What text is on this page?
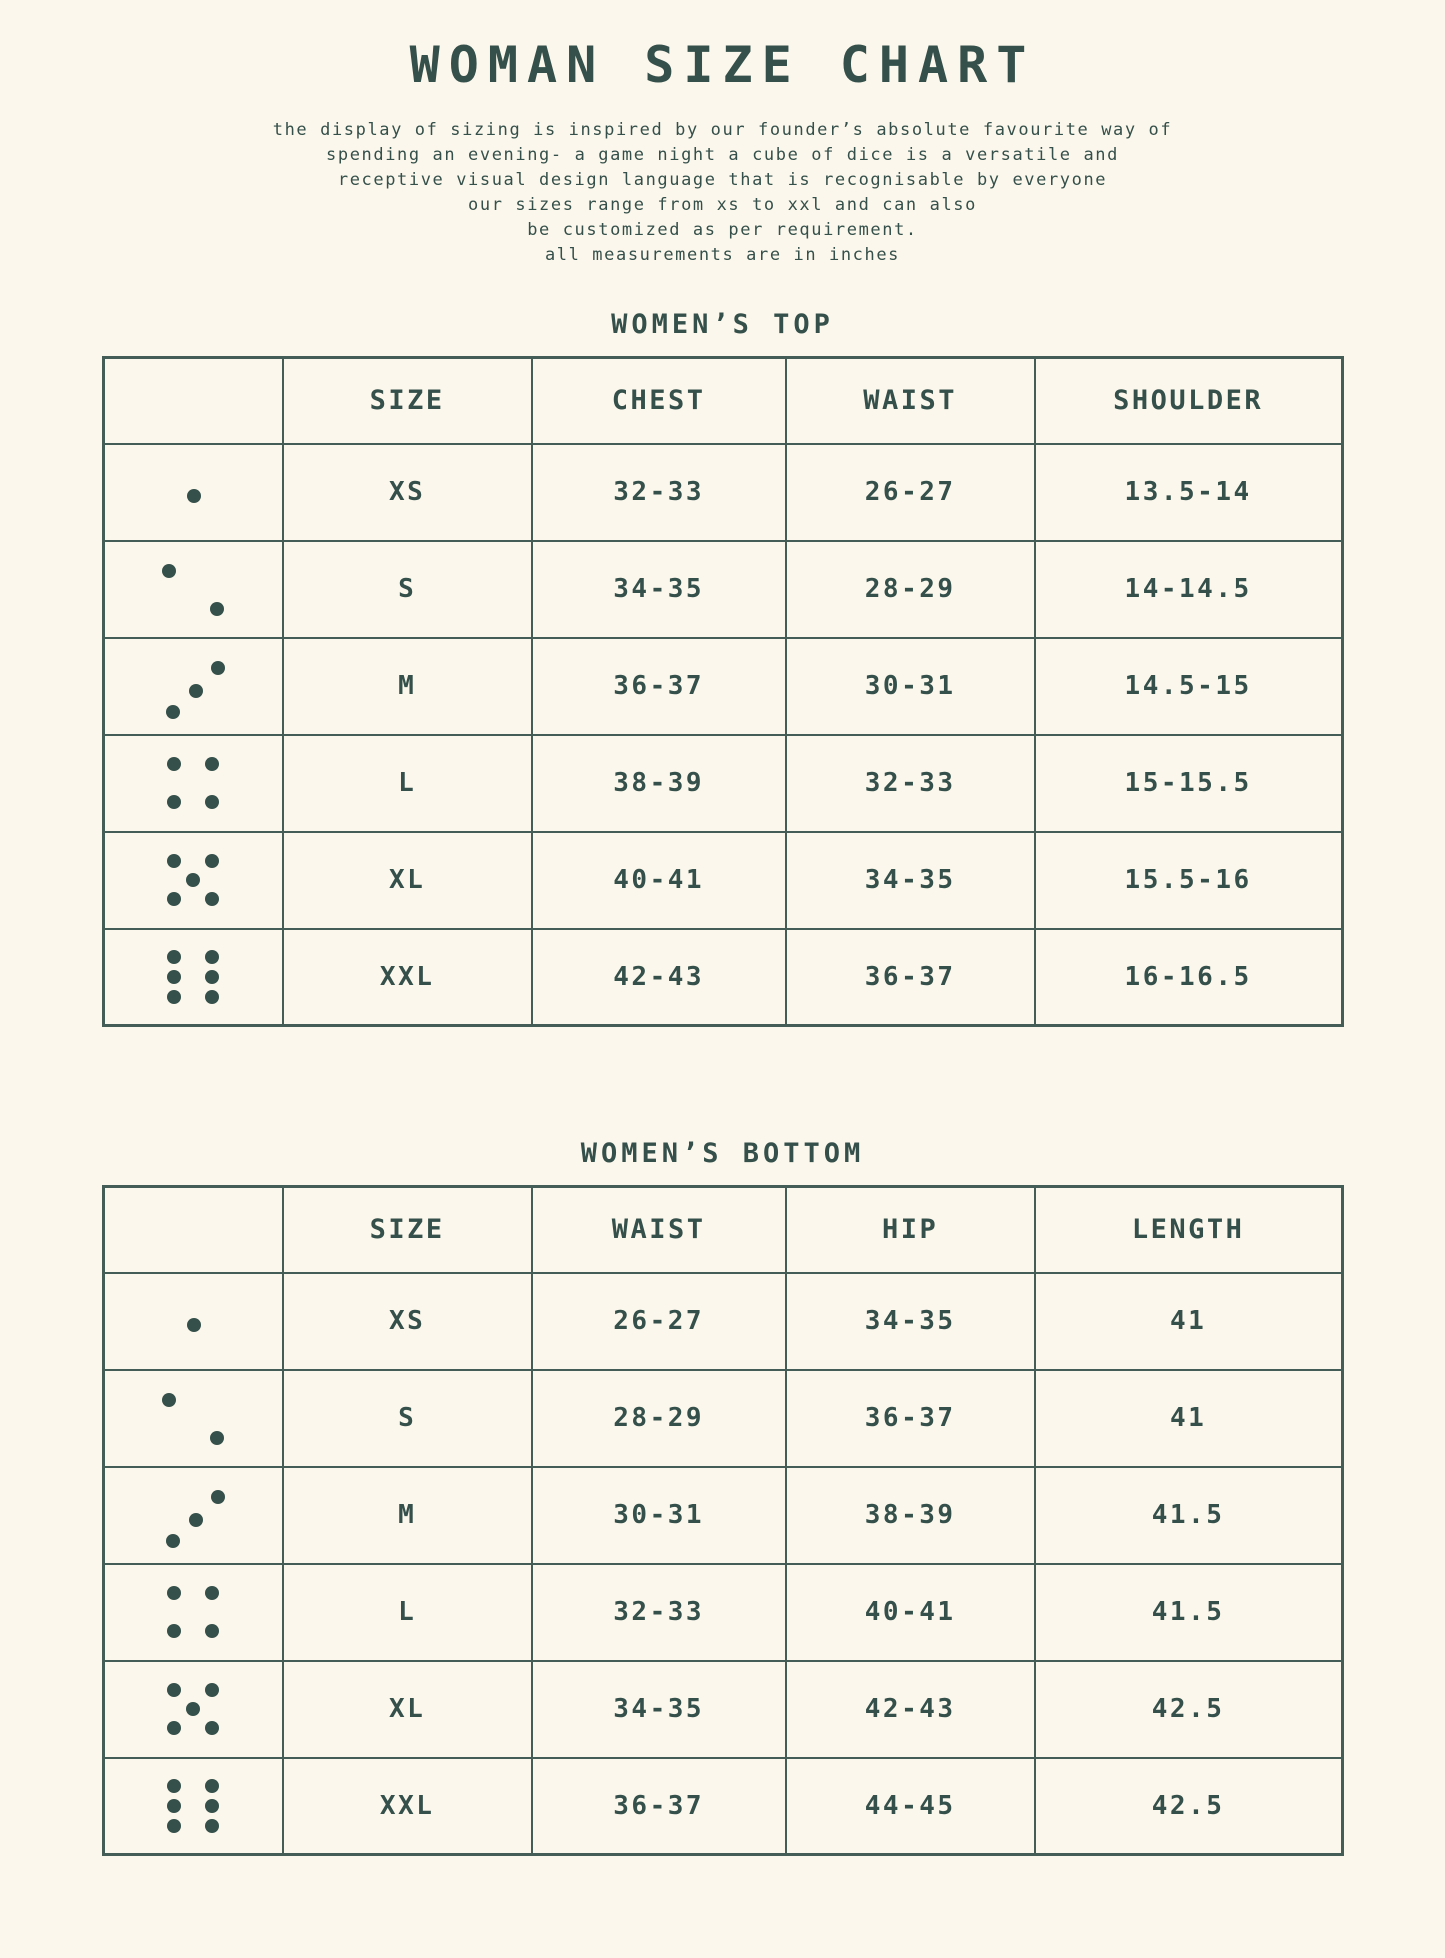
WOMAN SIZE CHART
the display of sizing is inspired by our founder’s absolute favourite way of
spending an evening- a game night a cube of dice is a versatile and
receptive visual design language that is recognisable by everyone
our sizes range from xs to xxl and can also
be customized as per requirement.
all measurements are in inches
WOMEN’S TOP
	SIZE	CHEST	WAIST	SHOULDER

	XS	32-33	26-27	13.5-14

	S	34-35	28-29	14-14.5

	M	36-37	30-31	14.5-15

	L	38-39	32-33	15-15.5

	XL	40-41	34-35	15.5-16

	XXL	42-43	36-37	16-16.5
WOMEN’S BOTTOM
	SIZE	WAIST	HIP	LENGTH

	XS	26-27	34-35	41

	S	28-29	36-37	41

	M	30-31	38-39	41.5

	L	32-33	40-41	41.5

	XL	34-35	42-43	42.5

	XXL	36-37	44-45	42.5
